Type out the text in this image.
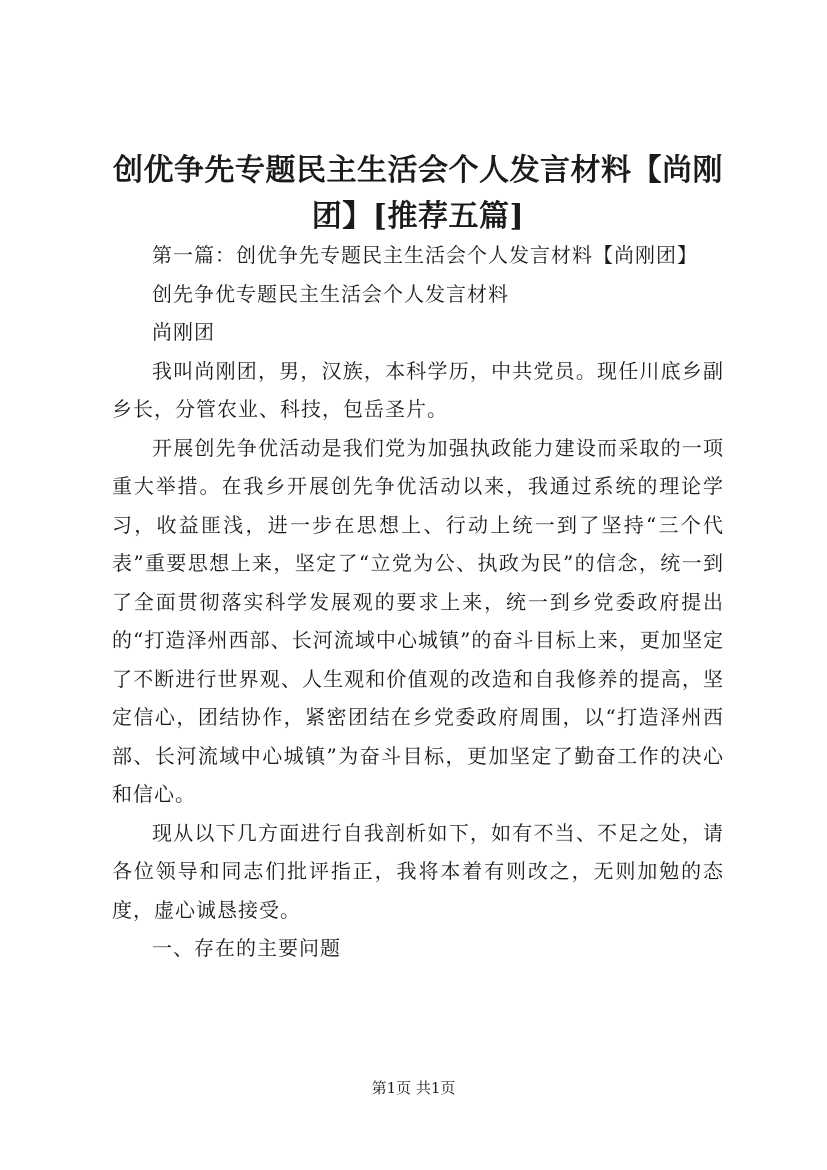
创优争先专题民主生活会个人发言材料【尚刚团】[推荐五篇]

第一篇：创优争先专题民主生活会个人发言材料【尚刚团】

创先争优专题民主生活会个人发言材料

尚刚团

我叫尚刚团，男，汉族，本科学历，中共党员。现任川底乡副乡长，分管农业、科技，包岳圣片。

开展创先争优活动是我们党为加强执政能力建设而采取的一项重大举措。在我乡开展创先争优活动以来，我通过系统的理论学习，收益匪浅，进一步在思想上、行动上统一到了坚持“三个代表”重要思想上来，坚定了“立党为公、执政为民”的信念，统一到了全面贯彻落实科学发展观的要求上来，统一到乡党委政府提出的“打造泽州西部、长河流域中心城镇”的奋斗目标上来，更加坚定了不断进行世界观、人生观和价值观的改造和自我修养的提高，坚定信心，团结协作，紧密团结在乡党委政府周围，以“打造泽州西部、长河流域中心城镇”为奋斗目标，更加坚定了勤奋工作的决心和信心。

现从以下几方面进行自我剖析如下，如有不当、不足之处，请各位领导和同志们批评指正，我将本着有则改之，无则加勉的态度，虚心诚恳接受。

一、存在的主要问题

第1页 共1页
